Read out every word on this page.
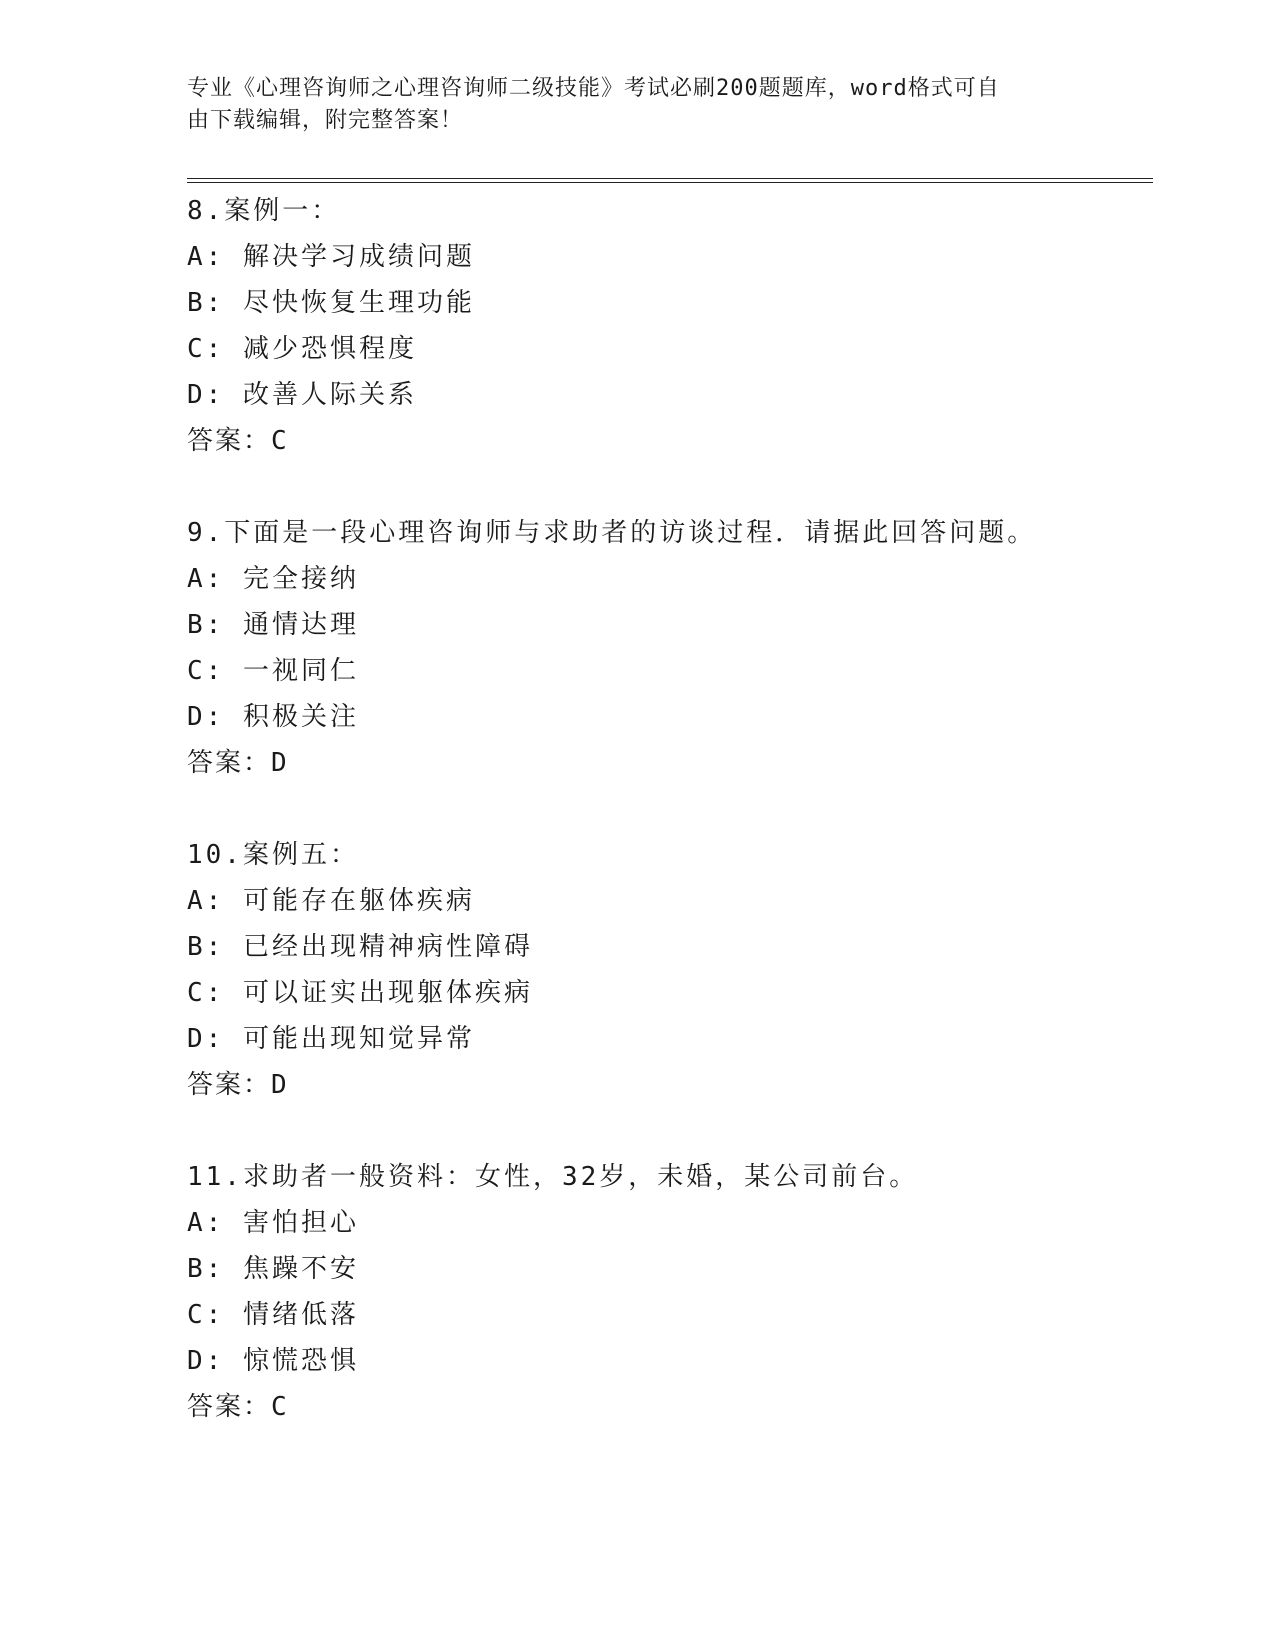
专业《心理咨询师之心理咨询师二级技能》考试必刷200题题库，word格式可自
由下载编辑，附完整答案！
8.案例一：
A: 解决学习成绩问题
B: 尽快恢复生理功能
C: 减少恐惧程度
D: 改善人际关系
答案：C
9.下面是一段心理咨询师与求助者的访谈过程．请据此回答问题。
A: 完全接纳
B: 通情达理
C: 一视同仁
D: 积极关注
答案：D
10.案例五：
A: 可能存在躯体疾病
B: 已经出现精神病性障碍
C: 可以证实出现躯体疾病
D: 可能出现知觉异常
答案：D
11.求助者一般资料：女性，32岁，未婚，某公司前台。
A: 害怕担心
B: 焦躁不安
C: 情绪低落
D: 惊慌恐惧
答案：C
